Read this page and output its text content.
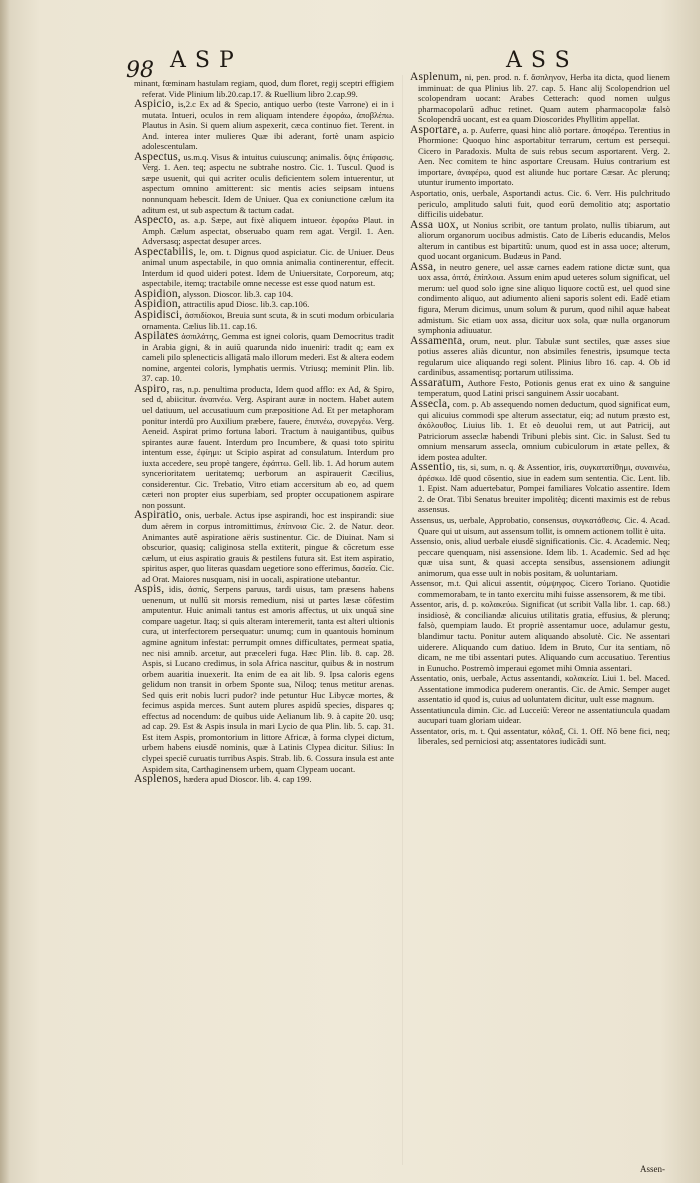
98 ASP	ASS

minant, fœminam hastulam regiam, quod, dum floret, regij sceptri effigiem referat. Vide Plinium lib.20.cap.17. & Ruellium libro 2.cap.99.

Aspicio, is,2.c Ex ad & Specio, antiquo uerbo (teste Varrone) ei in i mutata. Intueri, oculos in rem aliquam intendere ἐφοράω, ἀποβλέπω. Plautus in Asin. Si quem alium aspexerit, cæca continuo fiet. Terent. in And. interea inter mulieres Quæ ibi aderant, fortè unam aspicio adolescentulam.

Aspectus, us.m.q. Visus & intuitus cuiuscunq; animalis. ὄψις ἐπίφασις. Verg. 1. Aen. teq; aspectu ne subtrahe nostro. Cic. 1. Tuscul. Quod is sæpe usuenit, qui qui acriter oculis deficientem solem intuerentur, ut aspectum omnino amitterent: sic mentis acies seipsam intuens nonnunquam hebescit. Idem de Uniuer. Qua ex coniunctione cælum ita aditum est, ut sub aspectum & tactum cadat.

Aspecto, as. a.p. Sæpe, aut fixè aliquem intueor. ἐφοράω Plaut. in Amph. Cælum aspectat, obseruabo quam rem agat. Vergil. 1. Aen. Adversasq; aspectat desuper arces.

Aspectabilis, le, om. t. Dignus quod aspiciatur. Cic. de Uniuer. Deus animal unum aspectabile, in quo omnia animalia continerentur, effecit. Interdum id quod uideri potest. Idem de Uniuersitate, Corporeum, atq; aspectabile, itemq; tractabile omne necesse est esse quod natum est.

Aspidion, alysson. Dioscor. lib.3. cap 104.

Aspidion, attractilis apud Diosc. lib.3. cap.106.

Aspidisci, ἀσπιδίσκοι, Breuia sunt scuta, & in scuti modum orbicularia ornamenta. Cælius lib.11. cap.16.

Aspilates ἀσπιλάτης, Gemma est ignei coloris, quam Democritus tradit in Arabia gigni, & in auiū quarunda nido inueniri: tradit q; eam ex cameli pilo splenecticis alligatā malo illorum mederi. Est & altera eodem nomine, argentei coloris, lymphatis uermis. Vtriusq; meminit Plin. lib. 37. cap. 10.

Aspiro, ras, n.p. penultima producta, Idem quod afflo: ex Ad, & Spiro, sed d, abiicitur. ἀναπνέω. Verg. Aspirant auræ in noctem. Habet autem uel datiuum, uel accusatiuum cum præpositione Ad. Et per metaphoram ponitur interdū pro Auxilium præbere, fauere, ἐπιπνέω, συνεργέω. Verg. Aeneid. Aspirat primo fortuna labori. Tractum à nauigantibus, quibus spirantes auræ fauent. Interdum pro Incumbere, & quasi toto spiritu intentum esse, ἐφίημι: ut Scipio aspirat ad consulatum. Interdum pro iuxta accedere, seu propè tangere, ἐφάπτω. Gell. lib. 1. Ad horum autem syncerioritatem ueritatemq; uerborum an aspirauerit Cæcilius, considerentur. Cic. Trebatio, Vitro etiam accersitum ab eo, ad quem cæteri non propter eius superbiam, sed propter occupationem aspirare non possunt.

Aspiratio, onis, uerbale. Actus ipse aspirandi, hoc est inspirandi: siue dum aërem in corpus intromittimus, ἐπίπνοια Cic. 2. de Natur. deor. Animantes autē aspiratione aëris sustinentur. Cic. de Diuinat. Nam si obscurior, quasiq; caliginosa stella extiterit, pingue & cōcretum esse cælum, ut eius aspiratio grauis & pestilens futura sit. Est item aspiratio, spiritus asper, quo literas quasdam uegetiore sono efferimus, δασεῖα. Cic. ad Orat. Maiores nusquam, nisi in uocali, aspiratione utebantur.

Aspis, idis, ἀσπίς, Serpens paruus, tardi uisus, tam præsens habens uenenum, ut nullū sit morsis remedium, nisi ut partes læsæ cōfestim amputentur. Huic animali tantus est amoris affectus, ut uix unquā sine compare uagetur. Itaq; si quis alteram interemerit, tanta est alteri ultionis cura, ut interfectorem persequatur: unumq; cum in quantouis hominum agmine agnitum infestat: perrumpit omnes difficultates, permeat spatia, nec nisi amnib. arcetur, aut præceleri fuga. Hæc Plin. lib. 8. cap. 28. Aspis, si Lucano credimus, in sola Africa nascitur, quibus & in nostrum orbem auaritia inuexerit. Ita enim de ea ait lib. 9. Ipsa caloris egens gelidum non transit in orbem Sponte sua, Niloq; tenus metitur arenas. Sed quis erit nobis lucri pudor? inde petuntur Huc Libycæ mortes, & fecimus aspida merces. Sunt autem plures aspidū species, dispares q; effectus ad nocendum: de quibus uide Aelianum lib. 9. à capite 20. usq; ad cap. 29. Est & Aspis insula in mari Lycio de qua Plin. lib. 5. cap. 31. Est item Aspis, promontorium in littore Africæ, à forma clypei dictum, urbem habens eiusdē nominis, quæ à Latinis Clypea dicitur. Silius: In clypei speciē curuatis turribus Aspis. Strab. lib. 6. Cossura insula est ante Aspidem sita, Carthaginensem urbem, quam Clypeam uocant.

Asplenos, hædera apud Dioscor. lib. 4. cap 199.

Asplenum, ni, pen. prod. n. f. ἄσπληνον, Herba ita dicta, quod lienem imminuat: de qua Plinius lib. 27. cap. 5. Hanc alij Scolopendrion uel scolopendram uocant: Arabes Cetterach: quod nomen uulgus pharmacopolarū adhuc retinet. Quam autem pharmacopolæ falsò Scolopendrā uocant, est ea quam Dioscorides Phyllitim appellat.

Asportare, a. p. Auferre, quasi hinc aliò portare. ἀποφέρω. Terentius in Phormione: Quoquo hinc asportabitur terrarum, certum est persequi. Cicero in Paradoxis. Multa de suis rebus secum asportarent. Verg. 2. Aen. Nec comitem te hinc asportare Creusam. Huius contrarium est importare, ἀναφέρω, quod est aliunde huc portare Cæsar. Ac plerunq; utuntur irumento importato.

Asportatio, onis, uerbale, Asportandi actus. Cic. 6. Verr. His pulchritudo periculo, amplitudo saluti fuit, quod eorū demolitio atq; asportatio difficilis uidebatur.

Assa uox, ut Nonius scribit, ore tantum prolato, nullis tibiarum, aut aliorum organorum uocibus admistis. Cato de Liberis educandis, Melos alterum in cantibus est bipartitū: unum, quod est in assa uoce; alterum, quod uocant organicum. Budæus in Pand.

Assa, in neutro genere, uel assæ carnes eadem ratione dictæ sunt, qua uox assa, ὀπτά, ἐπίπλοια. Assum enim apud ueteres solum significat, uel merum: uel quod solo igne sine aliquo liquore coctū est, uel quod sine condimento aliquo, aut adiumento alieni saporis solent edi. Eadē etiam figura, Merum dicimus, unum solum & purum, quod nihil aquæ habeat admistum. Sic etiam uox assa, dicitur uox sola, quæ nulla organorum symphonia adiuuatur.

Assamenta, orum, neut. plur. Tabulæ sunt sectiles, quæ asses siue potius asseres aliàs dicuntur, non absimiles fenestris, ipsumque tecta regularum uice aliquando regi solent. Plinius libro 16. cap. 4. Ob id cardinibus, assamentisq; portarum utilissima.

Assaratum, Authore Festo, Potionis genus erat ex uino & sanguine temperatum, quod Latini prisci sanguinem Assir uocabant.

Assecla, com. p. Ab assequendo nomen deductum, quod significat eum, qui alicuius commodi spe alterum assectatur, eiq; ad nutum præsto est, ἀκόλουθος. Liuius lib. 1. Et eò deuolui rem, ut aut Patricij, aut Patriciorum asseclæ habendi Tribuni plebis sint. Cic. in Salust. Sed tu omnium mensarum assecla, omnium cubiculorum in ætate pellex, & idem postea adulter.

Assentio, tis, si, sum, n. q. & Assentior, iris, συγκατατίθημι, συναινέω, ἀρέσκω. Idē quod cōsentio, siue in eadem sum sententia. Cic. Lent. lib. 1. Epist. Nam aduertebatur, Pompei familiares Volcatio assentire. Idem 2. de Orat. Tibi Senatus breuiter impolitèq; dicenti maximis est de rebus assensus.

Assensus, us, uerbale, Approbatio, consensus, συγκατάθεσις. Cic. 4. Acad. Quare qui ut uisum, aut assensum tollit, is omnem actionem tollit è uita.

Assensio, onis, aliud uerbale eiusdē significationis. Cic. 4. Academic. Neq; peccare quenquam, nisi assensione. Idem lib. 1. Academic. Sed ad hęc quæ uisa sunt, & quasi accepta sensibus, assensionem adiungit animorum, qua esse uult in nobis positam, & uoluntariam.

Assensor, m.t. Qui alicui assentit, σύμψηφος. Cicero Toriano. Quotidie commemorabam, te in tanto exercitu mihi fuisse assensorem, & me tibi.

Assentor, aris, d. p. κολακεύω. Significat (ut scribit Valla libr. 1. cap. 68.) insidiosè, & conciliandæ alicuius utilitatis gratia, effusius, & plerunq; falsò, quempiam laudo. Et propriè assentamur uoce, adulamur gestu, blandimur tactu. Ponitur autem aliquando absolutè. Cic. Ne assentari uiderere. Aliquando cum datiuo. Idem in Bruto, Cur ita sentiam, nō dicam, ne me tibi assentari putes. Aliquando cum accusatiuo. Terentius in Eunucho. Postremò imperaui egomet mihi Omnia assentari.

Assentatio, onis, uerbale, Actus assentandi, κολακεία. Liui 1. bel. Maced. Assentatione immodica puderem onerantis. Cic. de Amic. Semper auget assentatio id quod is, cuius ad uoluntatem dicitur, uult esse magnum.

Assentatiuncula dimin. Cic. ad Lucceiū: Vereor ne assentatiuncula quadam aucupari tuam gloriam uidear.

Assentator, oris, m. t. Qui assentatur, κόλαξ, Ci. 1. Off. Nō bene fici, neq; liberales, sed perniciosi atq; assentatores iudicādi sunt.

Assen-
